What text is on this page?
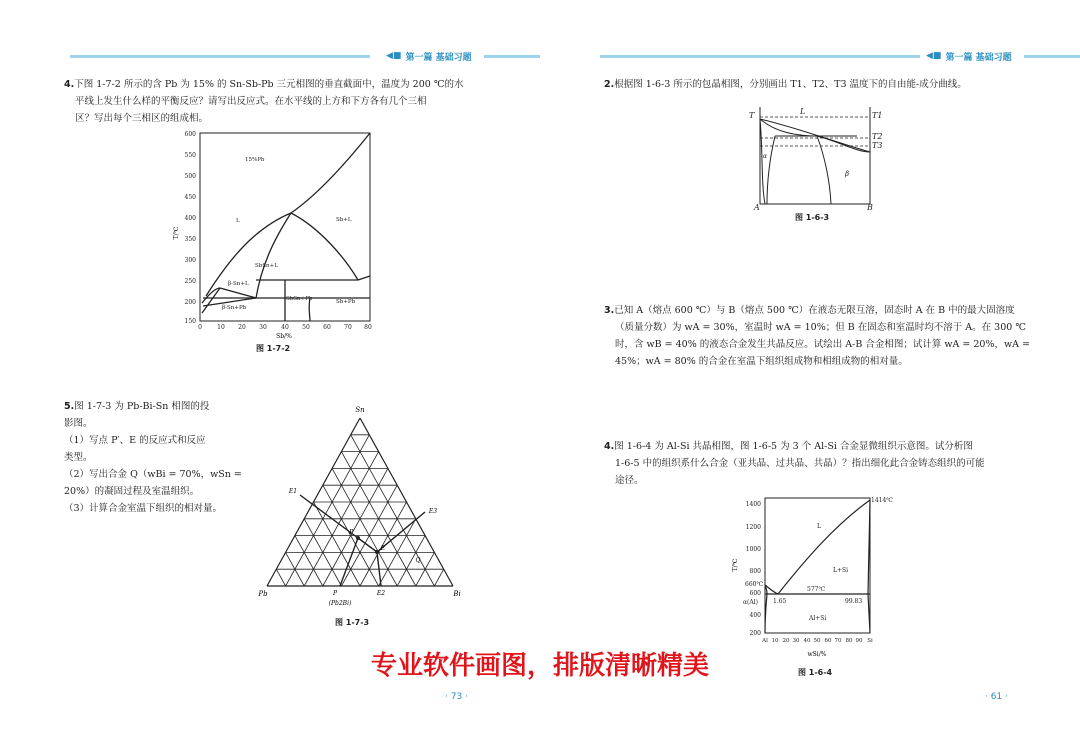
◀■ 第一篇 基础习题
4.下图 1-7-2 所示的含 Pb 为 15% 的 Sn-Sb-Pb 三元相图的垂直截面中，温度为 200 ℃的水
平线上发生什么样的平衡反应？请写出反应式。在水平线的上方和下方各有几个三相
区？写出每个三相区的组成相。
600
550
500
450
400
350
300
250
200
150
0	10 20 30 40 50 60 70 80
Sb/%
T/℃
15%Pb
L	Sb+L
SbSn+L
β-Sn+L
SbSn+Pb
β-Sn+Pb
Sb+Pb
图 1-7-2
5.图 1-7-3 为 Pb-Bi-Sn 相图的投
影图。
（1）写点 P′、E 的反应式和反应
类型。
（2）写出合金 Q（wBi = 70%，wSn =
20%）的凝固过程及室温组织。
（3）计算合金室温下组织的相对量。
Sn
Pb	Bi
E1
E3
P′
E
Q
P	E2
(Pb2Bi)
图 1-7-3
· 73 ·
◀■ 第一篇 基础习题
2.根据图 1-6-3 所示的包晶相图，分别画出 T1、T2、T3 温度下的自由能-成分曲线。
T	L	T1
T2
T3
α
β
A	B
图 1-6-3
3.已知 A（熔点 600 ℃）与 B（熔点 500 ℃）在液态无限互溶，固态时 A 在 B 中的最大固溶度
（质量分数）为 wA = 30%，室温时 wA = 10%；但 B 在固态和室温时均不溶于 A。在 300 ℃
时，含 wB = 40% 的液态合金发生共晶反应。试绘出 A-B 合金相图；试计算 wA = 20%，wA =
45%；wA = 80% 的合金在室温下组织组成物和相组成物的相对量。
4.图 1-6-4 为 Al-Si 共晶相图，图 1-6-5 为 3 个 Al-Si 合金显微组织示意图。试分析图
1-6-5 中的组织系什么合金（亚共晶、过共晶、共晶）？指出细化此合金铸态组织的可能
途径。
1400
1200
1000
800
600
400
200
Al 10 20 30 40 50 60 70 80 90 Si
wSi/%
T/℃
1414℃
L
L+Si
660℃
577℃
α(Al)	1.65	99.83
Al+Si
图 1-6-4
· 61 ·
专业软件画图，排版清晰精美
